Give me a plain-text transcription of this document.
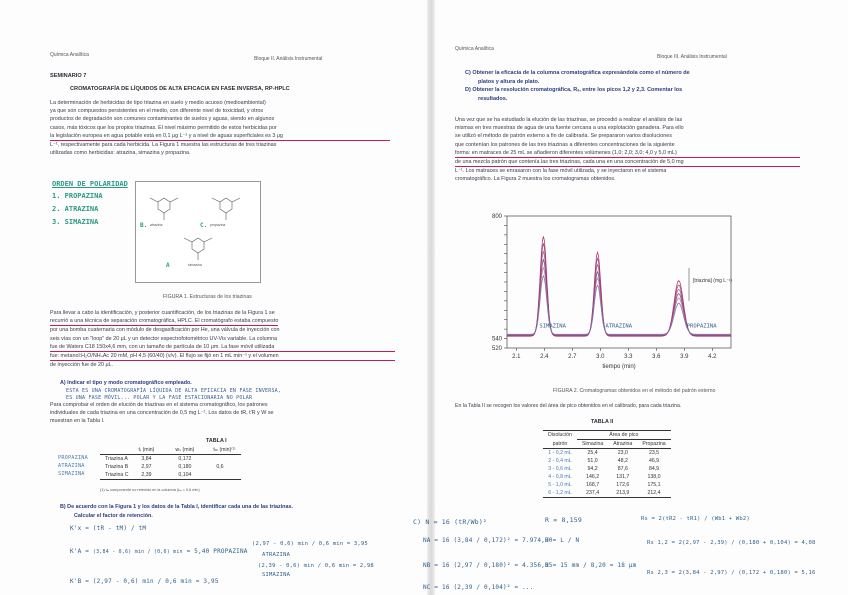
Química Analítica
Bloque II. Análisis Instrumental
SEMINARIO 7
CROMATOGRAFÍA DE LÍQUIDOS DE ALTA EFICACIA EN FASE INVERSA, RP-HPLC
La determinación de herbicidas de tipo triazina en suelo y medio acuoso (medioambiental)
ya que son compuestos persistentes en el medio, con diferente nivel de toxicidad, y otros
productos de degradación son comunes contaminantes de suelos y aguas, siendo en algunos
casos, más tóxicos que los propios triazinas. El nivel máximo permitido de estos herbicidas por
la legislación europea en agua potable está en 0,1 μg L⁻¹ y a nivel de aguas superficiales es 3 μg
L⁻¹, respectivamente para cada herbicida. La Figura 1 muestra las estructuras de tres triazinas
utilizadas como herbicidas: atrazina, simazina y propazina.
ORDEN DE POLARIDAD
1. PROPAZINA
2. ATRAZINA
3. SIMAZINA	B. atrazina	C. propazina
A	simazina
FIGURA 1. Estructuras de los triazinas
Para llevar a cabo la identificación, y posterior cuantificación, de los triazinas de la Figura 1 se
recurrió a una técnica de separación cromatográfica, HPLC. El cromatógrafo estaba compuesto
por una bomba cuaternaria con módulo de desgasificación por He, una válvula de inyección con
seis vías con un "loop" de 20 μL y un detector espectrofotométrico UV-Vis variable. La columna
fue de Waters C18 150x4,6 mm, con un tamaño de partícula de 10 μm. La fase móvil utilizada
fue: metanol:H₂O/NH₄Ac 20 mM, pH 4,5 (60/40) (v/v). El flujo se fijó en 1 mL min⁻¹ y el volumen
de inyección fue de 20 μL.
A) Indicar el tipo y modo cromatográfico empleado.
ESTA ES UNA CROMATOGRAFÍA LÍQUIDA DE ALTA EFICACIA EN FASE INVERSA,
ES UNA FASE MÓVIL... POLAR Y LA FASE ESTACIONARIA NO POLAR
Para comprobar el orden de elución de triazinas en el sistema cromatográfico, los patrones
individuales de cada triazina en una concentración de 0,5 mg L⁻¹. Los datos de tR, t'R y W se
muestran en la Tabla I.
TABLA I
	tᵣ (min)	wₛ (min)	tₘ (min)⁽¹⁾
Triazina A	3,84	0,172	
Triazina B	2,97	0,180	0,6
Triazina C	2,39	0,104	
PROPAZINA
ATRAZINA
SIMAZINA
(1) tₘ componente no retenido en la columna (tₘ = 0,6 min)
B) De acuerdo con la Figura 1 y los datos de la Tabla I, identificar cada una de las triazinas.
Calcular el factor de retención.
K'x = (tR - tM) / tM
K'A = (3,84 - 0,6) min / (0,6) min = 5,40 PROPAZINA
(2,97 - 0,6) min / 0,6 min = 3,95
ATRAZINA
(2,39 - 0,6) min / 0,6 min = 2,98
SIMAZINA
K'B = (2,97 - 0,6) min / 0,6 min = 3,95
Química Analítica
Bloque III. Análisis Instrumental
C) Obtener la eficacia de la columna cromatográfica expresándola como el número de
platos y altura de plato.
D) Obtener la resolución cromatográfica, Rₛ, entre los picos 1,2 y 2,3. Comentar los
resultados.
Una vez que se ha estudiado la elución de las triazinas, se procedió a realizar el análisis de las
mismas en tres muestras de agua de una fuente cercana a una explotación ganadera. Para ello
se utilizó el método de patrón externo a fin de calibrarla. Se prepararon varios disoluciones
que contenían los patrones de las tres triazinas a diferentes concentraciones de la siguiente
forma: en matraces de 25 mL se añadieron diferentes volúmenes (1,0; 2,0; 3,0; 4,0 y 5,0 mL)
de una mezcla patrón que contenía las tres triazinas, cada una en una concentración de 5,0 mg
L⁻¹. Los matraces se enrasaron con la fase móvil utilizada, y se inyectaron en el sistema
cromatográfico. La Figura 2 muestra los cromatogramas obtenidos.
2.1	2.4	2.7	3.0	3.3	3.6	3.9	4.2
520
540
800
tiempo (min)
SIMAZINA	ATRAZINA	PROPAZINA
[triazina] (mg L⁻¹)
FIGURA 2. Cromatogramas obtenidos en el método del patrón externo
En la Tabla II se recogen los valores del área de pico obtenidos en el calibrado, para cada triazina.
TABLA II
Disolución	Área de pico		
patrón	Simazina	Atrazina	Propazina
1 - 0,2 mL	25,4	23,0	23,5
2 - 0,4 mL	51,0	48,2	46,9
3 - 0,6 mL	94,2	87,6	84,9
4 - 0,8 mL	146,2	131,7	138,0
5 - 1,0 mL	168,7	172,6	175,1
6 - 1,2 mL	237,4	213,9	212,4
C) N = 16 (tR/Wb)²	R = 8,159	Rs = 2(tR2 - tR1) / (Wb1 + Wb2)
NA = 16 (3,84 / 0,172)² = 7.974,90
H = L / N	Rs 1,2 = 2(2,97 - 2,39) / (0,180 + 0,104) = 4,08
NB = 16 (2,97 / 0,180)² = 4.356,15
H = 15 mm / 8,20 = 18 μm
Rs 2,3 = 2(3,84 - 2,97) / (0,172 + 0,180) = 5,16
NC = 16 (2,39 / 0,104)² = ...
